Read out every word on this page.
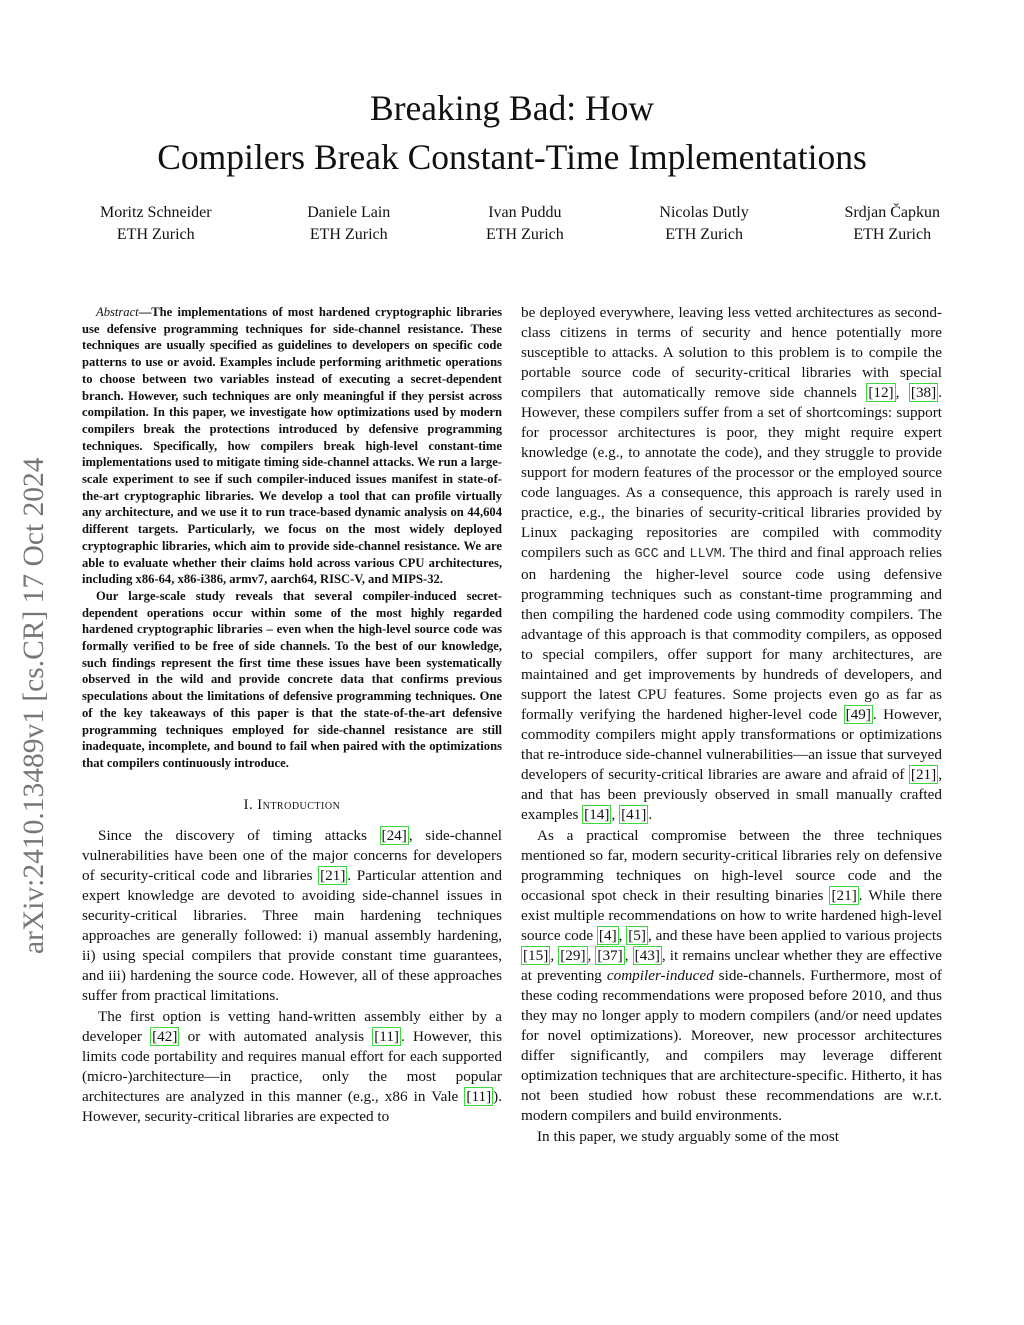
Breaking Bad: How
Compilers Break Constant-Time Implementations
Moritz Schneider
ETH Zurich
Daniele Lain
ETH Zurich
Ivan Puddu
ETH Zurich
Nicolas Dutly
ETH Zurich
Srdjan Čapkun
ETH Zurich
arXiv:2410.13489v1 [cs.CR] 17 Oct 2024

Abstract—The implementations of most hardened cryptographic libraries use defensive programming techniques for side-channel resistance. These techniques are usually specified as guidelines to developers on specific code patterns to use or avoid. Examples include performing arithmetic operations to choose between two variables instead of executing a secret-dependent branch. However, such techniques are only meaningful if they persist across compilation. In this paper, we investigate how optimizations used by modern compilers break the protections introduced by defensive programming techniques. Specifically, how compilers break high-level constant-time implementations used to mitigate timing side-channel attacks. We run a large-scale experiment to see if such compiler-induced issues manifest in state-of-the-art cryptographic libraries. We develop a tool that can profile virtually any architecture, and we use it to run trace-based dynamic analysis on 44,604 different targets. Particularly, we focus on the most widely deployed cryptographic libraries, which aim to provide side-channel resistance. We are able to evaluate whether their claims hold across various CPU architectures, including x86-64, x86-i386, armv7, aarch64, RISC-V, and MIPS-32.

Our large-scale study reveals that several compiler-induced secret-dependent operations occur within some of the most highly regarded hardened cryptographic libraries – even when the high-level source code was formally verified to be free of side channels. To the best of our knowledge, such findings represent the first time these issues have been systematically observed in the wild and provide concrete data that confirms previous speculations about the limitations of defensive programming techniques. One of the key takeaways of this paper is that the state-of-the-art defensive programming techniques employed for side-channel resistance are still inadequate, incomplete, and bound to fail when paired with the optimizations that compilers continuously introduce.

I. Introduction

Since the discovery of timing attacks [24] , side-channel vulnerabilities have been one of the major concerns for developers of security-critical code and libraries [21] . Particular attention and expert knowledge are devoted to avoiding side-channel issues in security-critical libraries. Three main hardening techniques approaches are generally followed: i) manual assembly hardening, ii) using special compilers that provide constant time guarantees, and iii) hardening the source code. However, all of these approaches suffer from practical limitations.

The first option is vetting hand-written assembly either by a developer [42] or with automated analysis [11] . However, this limits code portability and requires manual effort for each supported (micro-)architecture—in practice, only the most popular architectures are analyzed in this manner (e.g., x86 in Vale [11] ). However, security-critical libraries are expected to

be deployed everywhere, leaving less vetted architectures as second-class citizens in terms of security and hence potentially more susceptible to attacks. A solution to this problem is to compile the portable source code of security-critical libraries with special compilers that automatically remove side channels [12] , [38] . However, these compilers suffer from a set of shortcomings: support for processor architectures is poor, they might require expert knowledge (e.g., to annotate the code), and they struggle to provide support for modern features of the processor or the employed source code languages. As a consequence, this approach is rarely used in practice, e.g., the binaries of security-critical libraries provided by Linux packaging repositories are compiled with commodity compilers such as GCC and LLVM. The third and final approach relies on hardening the higher-level source code using defensive programming techniques such as constant-time programming and then compiling the hardened code using commodity compilers. The advantage of this approach is that commodity compilers, as opposed to special compilers, offer support for many architectures, are maintained and get improvements by hundreds of developers, and support the latest CPU features. Some projects even go as far as formally verifying the hardened higher-level code [49] . However, commodity compilers might apply transformations or optimizations that re-introduce side-channel vulnerabilities—an issue that surveyed developers of security-critical libraries are aware and afraid of [21] , and that has been previously observed in small manually crafted examples [14] , [41] .

As a practical compromise between the three techniques mentioned so far, modern security-critical libraries rely on defensive programming techniques on high-level source code and the occasional spot check in their resulting binaries [21] . While there exist multiple recommendations on how to write hardened high-level source code [4] , [5] , and these have been applied to various projects [15] , [29] , [37] , [43] , it remains unclear whether they are effective at preventing compiler-induced side-channels. Furthermore, most of these coding recommendations were proposed before 2010, and thus they may no longer apply to modern compilers (and/or need updates for novel optimizations). Moreover, new processor architectures differ significantly, and compilers may leverage different optimization techniques that are architecture-specific. Hitherto, it has not been studied how robust these recommendations are w.r.t. modern compilers and build environments.

In this paper, we study arguably some of the most
